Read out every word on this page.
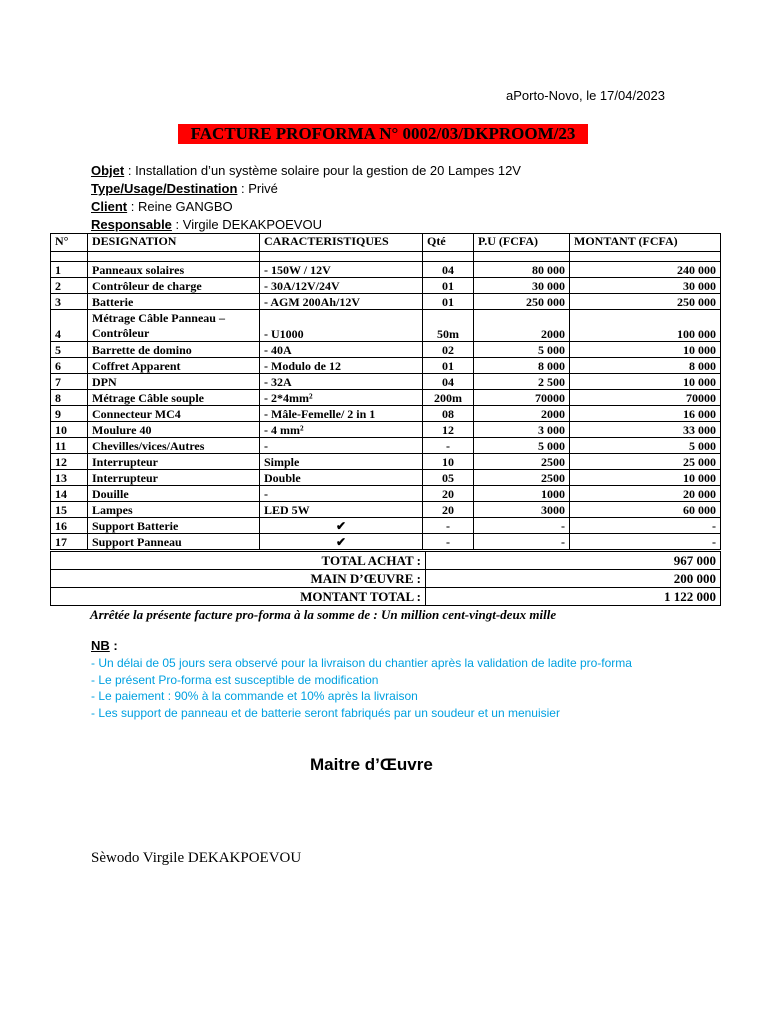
aPorto-Novo, le 17/04/2023
FACTURE PROFORMA N° 0002/03/DKPROOM/23
Objet : Installation d’un système solaire pour la gestion de 20 Lampes 12V
Type/Usage/Destination : Privé
Client : Reine GANGBO
Responsable : Virgile DEKAKPOEVOU
N°	DESIGNATION	CARACTERISTIQUES	Qté	P.U (FCFA)	MONTANT (FCFA)

1	Panneaux solaires	- 150W / 12V	04	80 000	240 000
2	Contrôleur de charge	- 30A/12V/24V	01	30 000	30 000
3	Batterie	- AGM 200Ah/12V	01	250 000	250 000
4	Métrage Câble Panneau – Contrôleur	- U1000	50m	2000	100 000
5	Barrette de domino	- 40A	02	5 000	10 000
6	Coffret Apparent	- Modulo de 12	01	8 000	8 000
7	DPN	- 32A	04	2 500	10 000
8	Métrage Câble souple	- 2*4mm²	200m	70000	70000
9	Connecteur MC4	- Mâle-Femelle/ 2 in 1	08	2000	16 000
10	Moulure 40	- 4 mm²	12	3 000	33 000
11	Chevilles/vices/Autres	-	-	5 000	5 000
12	Interrupteur	Simple	10	2500	25 000
13	Interrupteur	Double	05	2500	10 000
14	Douille	-	20	1000	20 000
15	Lampes	LED 5W	20	3000	60 000
16	Support Batterie	✔	-	-	-
17	Support Panneau	✔	-	-	-
TOTAL ACHAT :	967 000
MAIN D’ŒUVRE :	200 000
MONTANT TOTAL :	1 122 000
Arrêtée la présente facture pro-forma à la somme de : Un million cent-vingt-deux mille
NB :
- Un délai de 05 jours sera observé pour la livraison du chantier après la validation de ladite pro-forma
- Le présent Pro-forma est susceptible de modification
- Le paiement : 90% à la commande et 10% après la livraison
- Les support de panneau et de batterie seront fabriqués par un soudeur et un menuisier
Maitre d’Œuvre
Sèwodo Virgile DEKAKPOEVOU
